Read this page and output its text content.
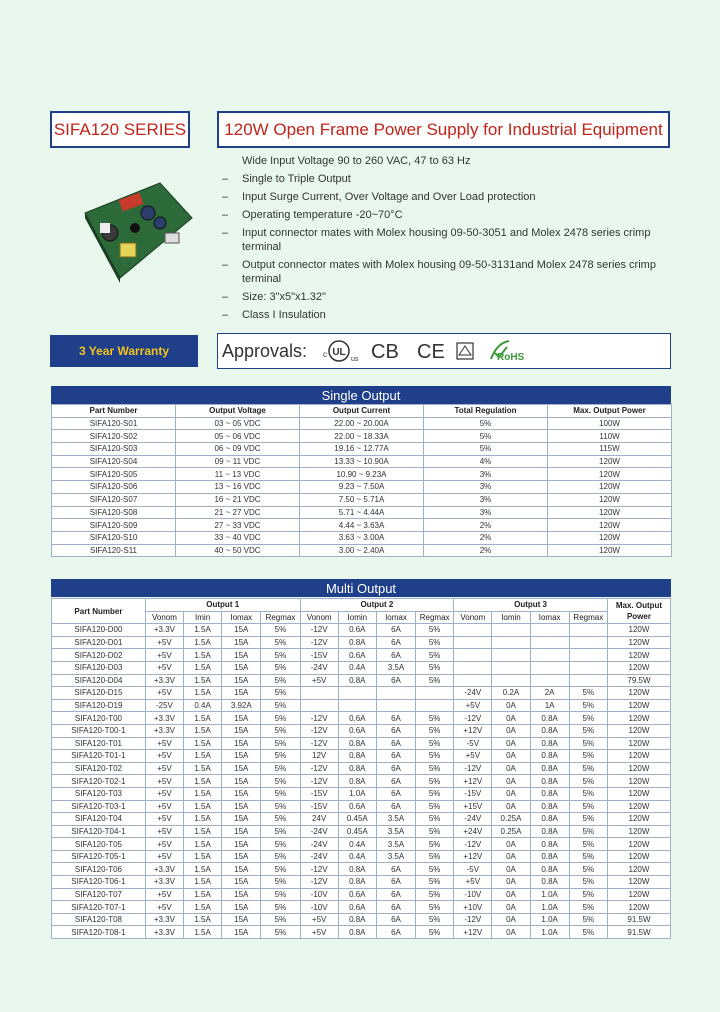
SIFA120 SERIES	120W Open Frame Power Supply for Industrial Equipment
Wide Input Voltage 90 to 260 VAC, 47 to 63 Hz
–	Single to Triple Output
–	Input Surge Current, Over Voltage and Over Load protection
–	Operating temperature -20~70°C
–	Input connector mates with Molex housing 09-50-3051 and Molex 2478 series crimp terminal
–	Output connector mates with Molex housing 09-50-3131and Molex 2478 series crimp terminal
–	Size: 3"x5"x1.32"
–	Class I Insulation
3 Year Warranty	Approvals:	UL
c
us CB CE	RoHS
Single Output
Part Number	Output Voltage	Output Current	Total Regulation	Max. Output Power
SIFA120-S01	03 ~ 05 VDC	22.00 ~ 20.00A	5%	100W
SIFA120-S02	05 ~ 06 VDC	22.00 ~ 18.33A	5%	110W
SIFA120-S03	06 ~ 09 VDC	19.16 ~ 12.77A	5%	115W
SIFA120-S04	09 ~ 11 VDC	13.33 ~ 10.90A	4%	120W
SIFA120-S05	11 ~ 13 VDC	10.90 ~ 9.23A	3%	120W
SIFA120-S06	13 ~ 16 VDC	9.23 ~ 7.50A	3%	120W
SIFA120-S07	16 ~ 21 VDC	7.50 ~ 5.71A	3%	120W
SIFA120-S08	21 ~ 27 VDC	5.71 ~ 4.44A	3%	120W
SIFA120-S09	27 ~ 33 VDC	4.44 ~ 3.63A	2%	120W
SIFA120-S10	33 ~ 40 VDC	3.63 ~ 3.00A	2%	120W
SIFA120-S11	40 ~ 50 VDC	3.00 ~ 2.40A	2%	120W
Multi Output
Part Number	Output 1				Output 2				Output 3				Max. Output Power
	Vonom	Imin	Iomax	Regmax	Vonom	Iomin	Iomax	Regmax	Vonom	Iomin	Iomax	Regmax	
SIFA120-D00	+3.3V	1.5A	15A	5%	-12V	0.6A	6A	5%					120W
SIFA120-D01	+5V	1.5A	15A	5%	-12V	0.8A	6A	5%					120W
SIFA120-D02	+5V	1.5A	15A	5%	-15V	0.6A	6A	5%					120W
SIFA120-D03	+5V	1.5A	15A	5%	-24V	0.4A	3.5A	5%					120W
SIFA120-D04	+3.3V	1.5A	15A	5%	+5V	0.8A	6A	5%					79.5W
SIFA120-D15	+5V	1.5A	15A	5%					-24V	0.2A	2A	5%	120W
SIFA120-D19	-25V	0.4A	3.92A	5%					+5V	0A	1A	5%	120W
SIFA120-T00	+3.3V	1.5A	15A	5%	-12V	0.6A	6A	5%	-12V	0A	0.8A	5%	120W
SIFA120-T00-1	+3.3V	1.5A	15A	5%	-12V	0.6A	6A	5%	+12V	0A	0.8A	5%	120W
SIFA120-T01	+5V	1.5A	15A	5%	-12V	0.8A	6A	5%	-5V	0A	0.8A	5%	120W
SIFA120-T01-1	+5V	1.5A	15A	5%	12V	0.8A	6A	5%	+5V	0A	0.8A	5%	120W
SIFA120-T02	+5V	1.5A	15A	5%	-12V	0.8A	6A	5%	-12V	0A	0.8A	5%	120W
SIFA120-T02-1	+5V	1.5A	15A	5%	-12V	0.8A	6A	5%	+12V	0A	0.8A	5%	120W
SIFA120-T03	+5V	1.5A	15A	5%	-15V	1.0A	6A	5%	-15V	0A	0.8A	5%	120W
SIFA120-T03-1	+5V	1.5A	15A	5%	-15V	0.6A	6A	5%	+15V	0A	0.8A	5%	120W
SIFA120-T04	+5V	1.5A	15A	5%	24V	0.45A	3.5A	5%	-24V	0.25A	0.8A	5%	120W
SIFA120-T04-1	+5V	1.5A	15A	5%	-24V	0.45A	3.5A	5%	+24V	0.25A	0.8A	5%	120W
SIFA120-T05	+5V	1.5A	15A	5%	-24V	0.4A	3.5A	5%	-12V	0A	0.8A	5%	120W
SIFA120-T05-1	+5V	1.5A	15A	5%	-24V	0.4A	3.5A	5%	+12V	0A	0.8A	5%	120W
SIFA120-T06	+3.3V	1.5A	15A	5%	-12V	0.8A	6A	5%	-5V	0A	0.8A	5%	120W
SIFA120-T06-1	+3.3V	1.5A	15A	5%	-12V	0.8A	6A	5%	+5V	0A	0.8A	5%	120W
SIFA120-T07	+5V	1.5A	15A	5%	-10V	0.6A	6A	5%	-10V	0A	1.0A	5%	120W
SIFA120-T07-1	+5V	1.5A	15A	5%	-10V	0.6A	6A	5%	+10V	0A	1.0A	5%	120W
SIFA120-T08	+3.3V	1.5A	15A	5%	+5V	0.8A	6A	5%	-12V	0A	1.0A	5%	91.5W
SIFA120-T08-1	+3.3V	1.5A	15A	5%	+5V	0.8A	6A	5%	+12V	0A	1.0A	5%	91.5W
